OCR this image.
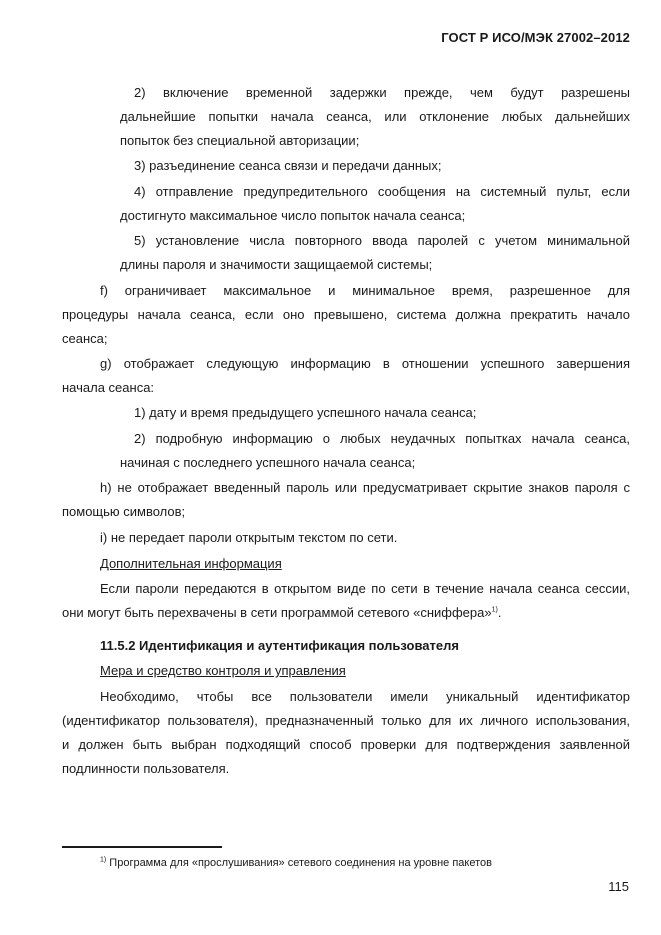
ГОСТ Р ИСО/МЭК 27002–2012
2) включение временной задержки прежде, чем будут разрешены
дальнейшие попытки начала сеанса, или отклонение любых дальнейших
попыток без специальной авторизации;
3) разъединение сеанса связи и передачи данных;
4) отправление предупредительного сообщения на системный пульт, если
достигнуто максимальное число попыток начала сеанса;
5) установление числа повторного ввода паролей с учетом минимальной
длины пароля и значимости защищаемой системы;
f) ограничивает максимальное и минимальное время, разрешенное для
процедуры начала сеанса, если оно превышено, система должна прекратить начало
сеанса;
g) отображает следующую информацию в отношении успешного завершения
начала сеанса:
1) дату и время предыдущего успешного начала сеанса;
2) подробную информацию о любых неудачных попытках начала сеанса,
начиная с последнего успешного начала сеанса;
h) не отображает введенный пароль или предусматривает скрытие знаков пароля с
помощью символов;
i) не передает пароли открытым текстом по сети.
Дополнительная информация
Если пароли передаются в открытом виде по сети в течение начала сеанса сессии,
они могут быть перехвачены в сети программой сетевого «сниффера»$^{1)}$.
11.5.2 Идентификация и аутентификация пользователя
Мера и средство контроля и управления
Необходимо, чтобы все пользователи имели уникальный идентификатор
(идентификатор пользователя), предназначенный только для их личного использования,
и должен быть выбран подходящий способ проверки для подтверждения заявленной
подлинности пользователя.
$^{1)}$ Программа для «прослушивания» сетевого соединения на уровне пакетов
115
